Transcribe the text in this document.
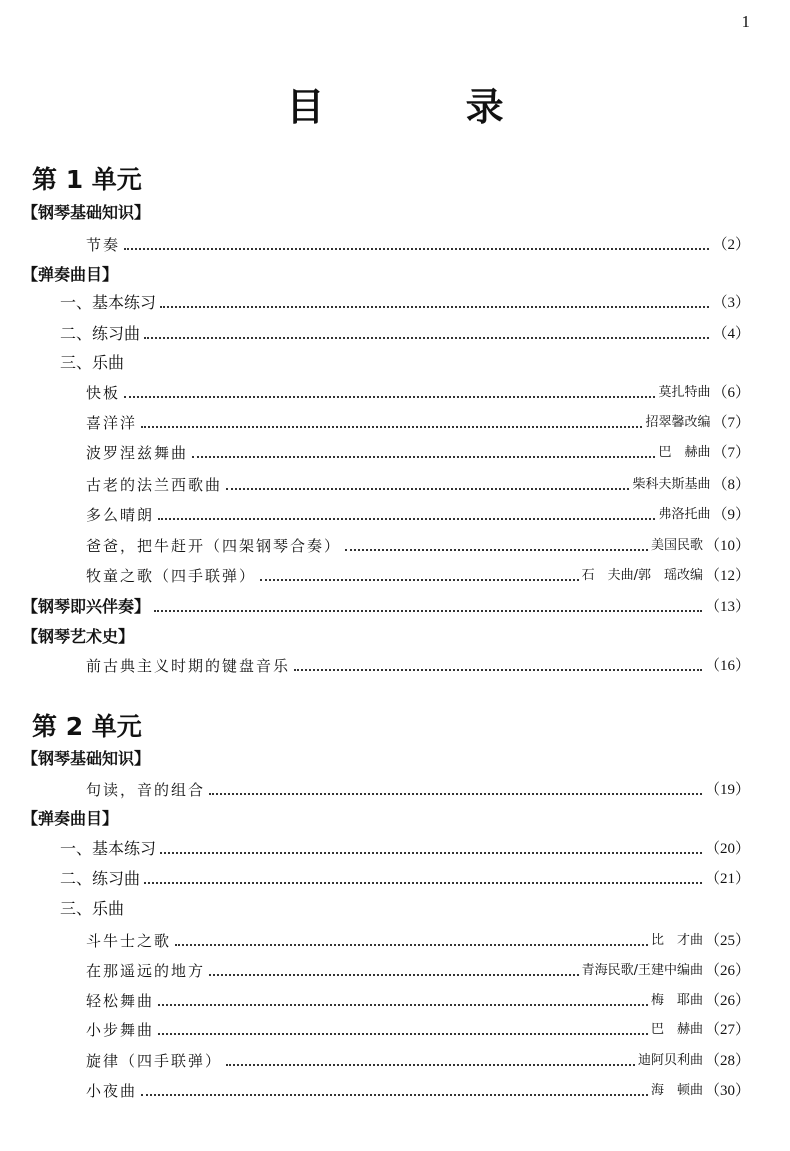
1
目 录
第 1 单元
第 2 单元
【钢琴基础知识】
节奏	（2）
【弹奏曲目】
一、基本练习	（3）
二、练习曲	（4）
三、乐曲
快板	莫扎特曲 （6）
喜洋洋	招翠馨改编 （7）
波罗涅兹舞曲	巴　赫曲 （7）
古老的法兰西歌曲	柴科夫斯基曲 （8）
多么晴朗	弗洛托曲 （9）
爸爸，把牛赶开（四架钢琴合奏）	美国民歌 （10）
牧童之歌（四手联弹）	石　夫曲/郭　瑶改编 （12）
【钢琴即兴伴奏】	（13）
【钢琴艺术史】
前古典主义时期的键盘音乐	（16）
【钢琴基础知识】
句读，音的组合	（19）
【弹奏曲目】
一、基本练习	（20）
二、练习曲	（21）
三、乐曲
斗牛士之歌	比　才曲 （25）
在那遥远的地方	青海民歌/王建中编曲 （26）
轻松舞曲	梅　耶曲 （26）
小步舞曲	巴　赫曲 （27）
旋律（四手联弹）	迪阿贝利曲 （28）
小夜曲	海　顿曲 （30）
